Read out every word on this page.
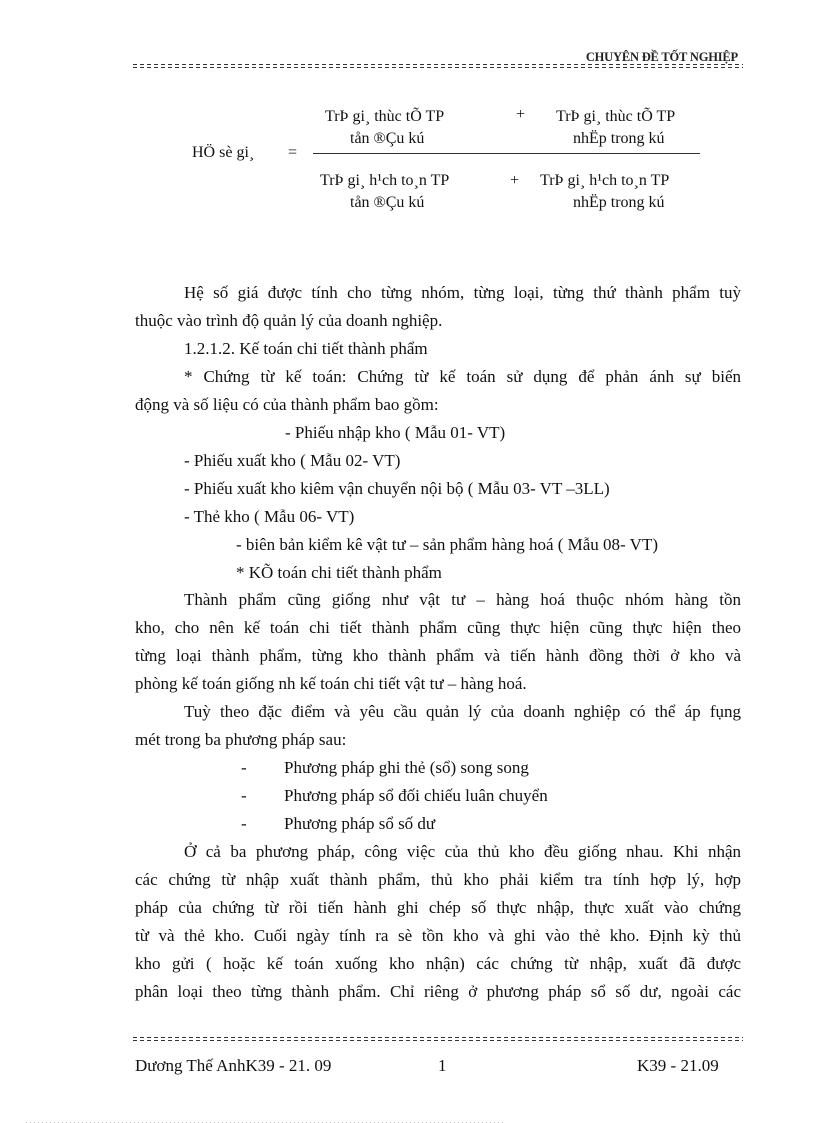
CHUYÊN ĐỀ TỐT NGHIỆP
HÖ sè gi¸ =
TrÞ gi¸ thùc tÕ TP
tån ®Çu kú
+ TrÞ gi¸ thùc tÕ TP
nhËp trong kú
TrÞ gi¸ h¹ch to¸n TP
tån ®Çu kú
+ TrÞ gi¸ h¹ch to¸n TP
nhËp trong kú
Hệ số giá được tính cho từng nhóm, từng loại, từng thứ thành phẩm tuỳ
thuộc vào trình độ quản lý của doanh nghiệp.
1.2.1.2. Kế toán chi tiết thành phẩm
* Chứng từ kế toán: Chứng từ kế toán sử dụng để phản ánh sự biến
động và số liệu có của thành phẩm bao gồm:
- Phiếu nhập kho ( Mẫu 01- VT)
- Phiếu xuất kho ( Mẫu 02- VT)
- Phiếu xuất kho kiêm vận chuyển nội bộ ( Mẫu 03- VT –3LL)
- Thẻ kho ( Mẫu 06- VT)
- biên bản kiểm kê vật tư – sản phẩm hàng hoá ( Mẫu 08- VT)
* KÕ toán chi tiết thành phẩm
Thành phẩm cũng giống như vật tư – hàng hoá thuộc nhóm hàng tồn
kho, cho nên kế toán chi tiết thành phẩm cũng thực hiện cũng thực hiện theo
từng loại thành phẩm, từng kho thành phẩm và tiến hành đồng thời ở kho và
phòng kế toán giống nh kế toán chi tiết vật tư – hàng hoá.
Tuỳ theo đặc điểm và yêu cầu quản lý của doanh nghiệp có thể áp fụng
mét trong ba phương pháp sau:
- Phương pháp ghi thẻ (sổ) song song
- Phương pháp sổ đối chiếu luân chuyển
- Phương pháp sổ số dư
Ở cả ba phương pháp, công việc của thủ kho đều giống nhau. Khi nhận
các chứng từ nhập xuất thành phẩm, thủ kho phải kiểm tra tính hợp lý, hợp
pháp của chứng từ rồi tiến hành ghi chép số thực nhập, thực xuất vào chứng
từ và thẻ kho. Cuối ngày tính ra sè tồn kho và ghi vào thẻ kho. Định kỳ thủ
kho gửi ( hoặc kế toán xuống kho nhận) các chứng từ nhập, xuất đã được
phân loại theo từng thành phẩm. Chỉ riêng ở phương pháp sổ số dư, ngoài các
Dương Thế AnhK39 - 21. 09	1	K39 - 21.09
